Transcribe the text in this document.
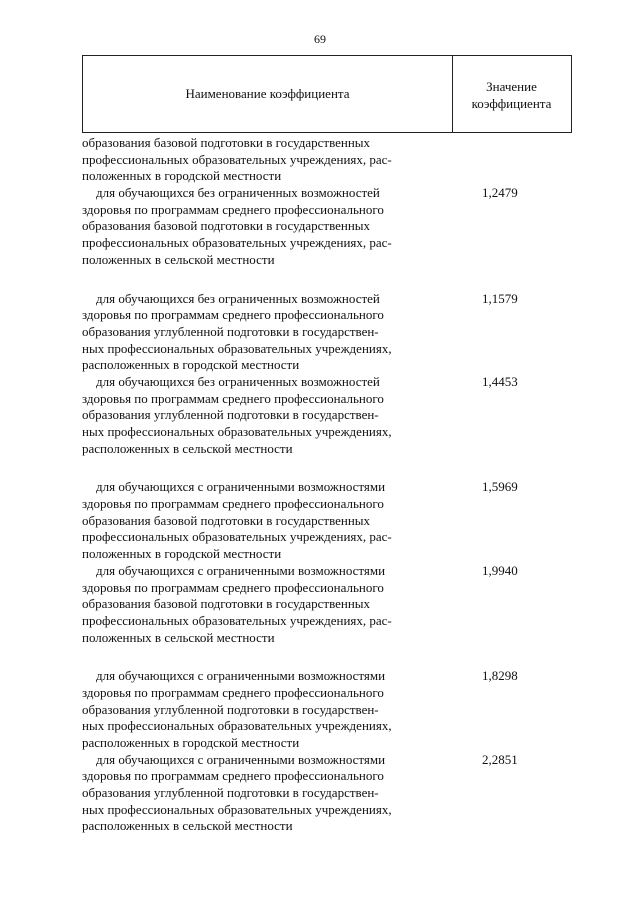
69
Наименование коэффициента	Значение
коэффициента
образования базовой подготовки в государственных
профессиональных образовательных учреждениях, рас-
положенных в городской местности
для обучающихся без ограниченных возможностей
здоровья по программам среднего профессионального
образования базовой подготовки в государственных
профессиональных образовательных учреждениях, рас-
положенных в сельской местности
1,2479
для обучающихся без ограниченных возможностей
здоровья по программам среднего профессионального
образования углубленной подготовки в государствен-
ных профессиональных образовательных учреждениях,
расположенных в городской местности
1,1579
для обучающихся без ограниченных возможностей
здоровья по программам среднего профессионального
образования углубленной подготовки в государствен-
ных профессиональных образовательных учреждениях,
расположенных в сельской местности
1,4453
для обучающихся с ограниченными возможностями
здоровья по программам среднего профессионального
образования базовой подготовки в государственных
профессиональных образовательных учреждениях, рас-
положенных в городской местности
1,5969
для обучающихся с ограниченными возможностями
здоровья по программам среднего профессионального
образования базовой подготовки в государственных
профессиональных образовательных учреждениях, рас-
положенных в сельской местности
1,9940
для обучающихся с ограниченными возможностями
здоровья по программам среднего профессионального
образования углубленной подготовки в государствен-
ных профессиональных образовательных учреждениях,
расположенных в городской местности
1,8298
для обучающихся с ограниченными возможностями
здоровья по программам среднего профессионального
образования углубленной подготовки в государствен-
ных профессиональных образовательных учреждениях,
расположенных в сельской местности
2,2851
